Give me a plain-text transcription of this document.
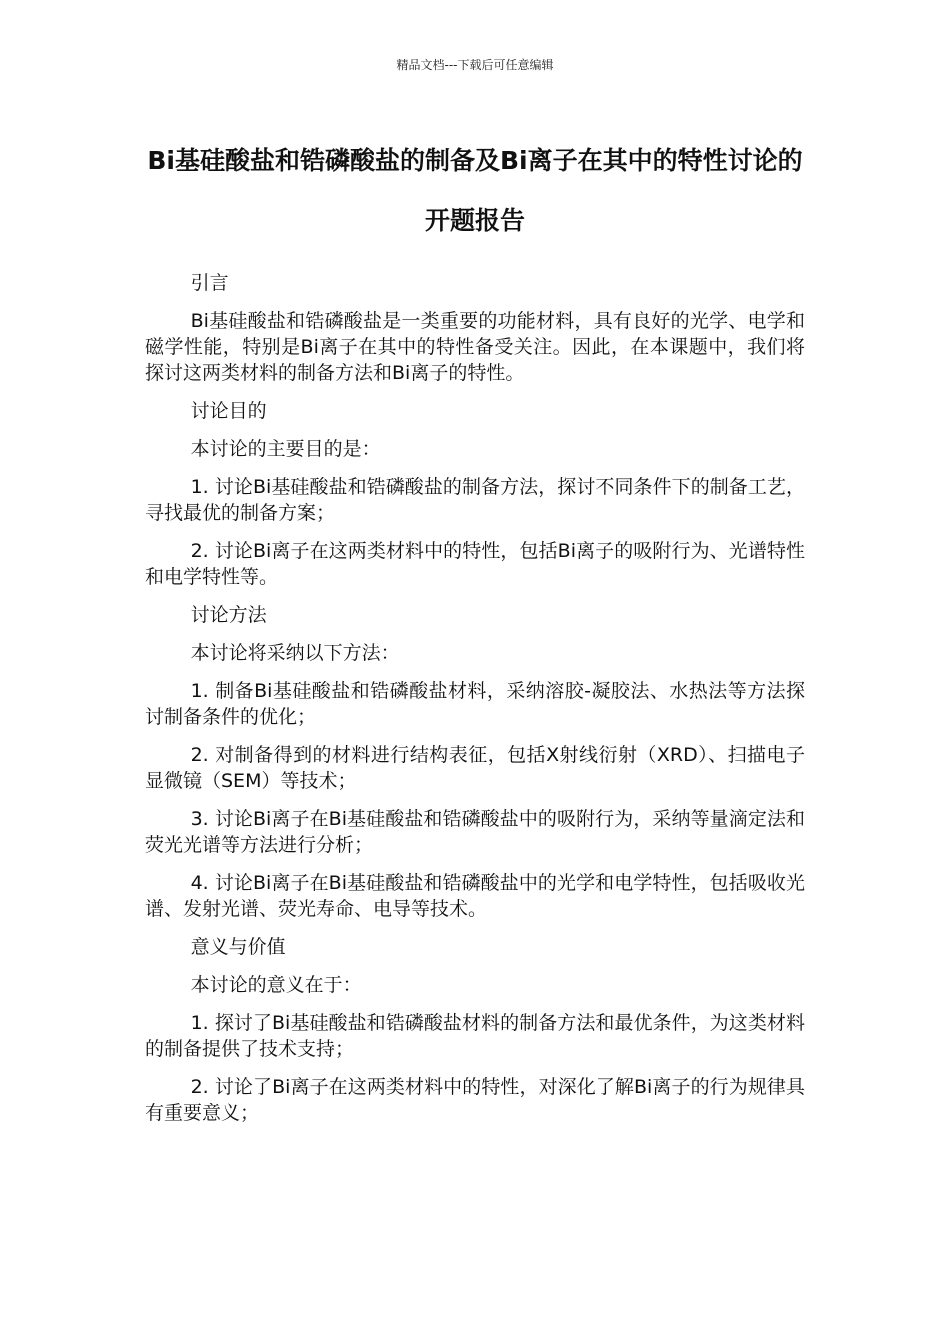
精品文档---下载后可任意编辑
Bi基硅酸盐和锆磷酸盐的制备及Bi离子在其中的特性讨论的开题报告

引言

Bi基硅酸盐和锆磷酸盐是一类重要的功能材料，具有良好的光学、电学和磁学性能，特别是Bi离子在其中的特性备受关注。因此，在本课题中，我们将探讨这两类材料的制备方法和Bi离子的特性。

讨论目的

本讨论的主要目的是：

1. 讨论Bi基硅酸盐和锆磷酸盐的制备方法，探讨不同条件下的制备工艺，寻找最优的制备方案；

2. 讨论Bi离子在这两类材料中的特性，包括Bi离子的吸附行为、光谱特性和电学特性等。

讨论方法

本讨论将采纳以下方法：

1. 制备Bi基硅酸盐和锆磷酸盐材料，采纳溶胶-凝胶法、水热法等方法探讨制备条件的优化；

2. 对制备得到的材料进行结构表征，包括X射线衍射（XRD）、扫描电子显微镜（SEM）等技术；

3. 讨论Bi离子在Bi基硅酸盐和锆磷酸盐中的吸附行为，采纳等量滴定法和荧光光谱等方法进行分析；

4. 讨论Bi离子在Bi基硅酸盐和锆磷酸盐中的光学和电学特性，包括吸收光谱、发射光谱、荧光寿命、电导等技术。

意义与价值

本讨论的意义在于：

1. 探讨了Bi基硅酸盐和锆磷酸盐材料的制备方法和最优条件，为这类材料的制备提供了技术支持；

2. 讨论了Bi离子在这两类材料中的特性，对深化了解Bi离子的行为规律具有重要意义；
